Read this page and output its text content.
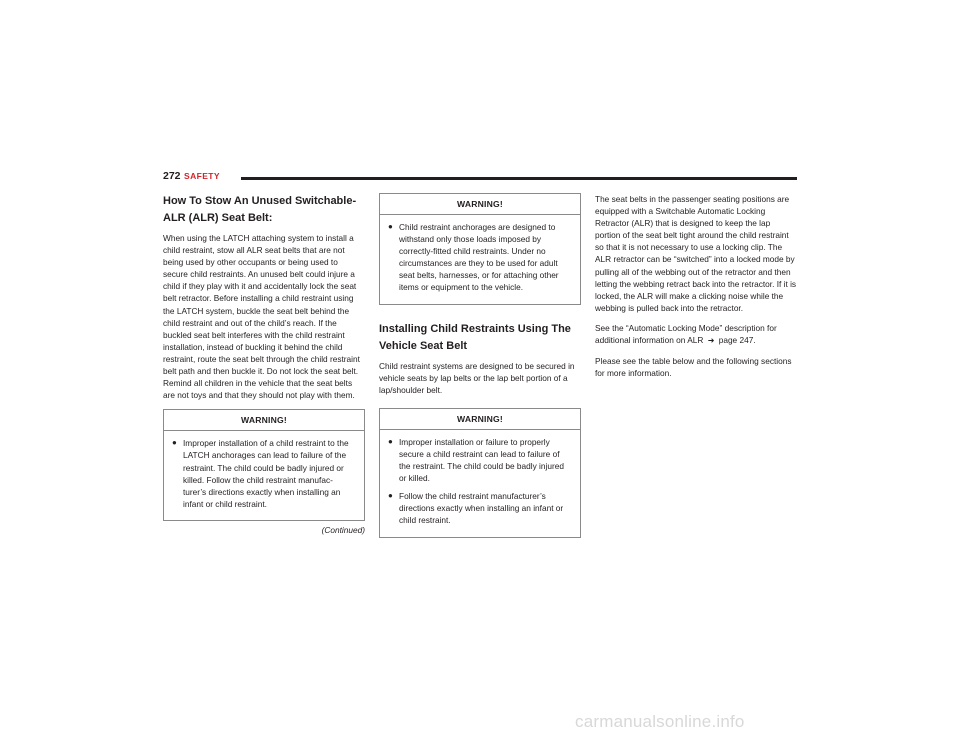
272 SAFETY
How To Stow An Unused Switchable-ALR (ALR) Seat Belt:

When using the LATCH attaching system to install a child restraint, stow all ALR seat belts that are not being used by other occupants or being used to secure child restraints. An unused belt could injure a child if they play with it and accidentally lock the seat belt retractor. Before installing a child restraint using the LATCH system, buckle the seat belt behind the child restraint and out of the child’s reach. If the buckled seat belt interferes with the child restraint installation, instead of buckling it behind the child restraint, route the seat belt through the child restraint belt path and then buckle it. Do not lock the seat belt. Remind all children in the vehicle that the seat belts are not toys and that they should not play with them.

WARNING!
● Improper installation of a child restraint to the LATCH anchorages can lead to failure of the restraint. The child could be badly injured or killed. Follow the child restraint manufac-turer’s directions exactly when installing an infant or child restraint.
(Continued)
WARNING!
● Child restraint anchorages are designed to withstand only those loads imposed by correctly-fitted child restraints. Under no circumstances are they to be used for adult seat belts, harnesses, or for attaching other items or equipment to the vehicle.
Installing Child Restraints Using The Vehicle Seat Belt

Child restraint systems are designed to be secured in vehicle seats by lap belts or the lap belt portion of a lap/shoulder belt.

WARNING!
● Improper installation or failure to properly secure a child restraint can lead to failure of the restraint. The child could be badly injured or killed.
● Follow the child restraint manufacturer’s directions exactly when installing an infant or child restraint.

The seat belts in the passenger seating positions are equipped with a Switchable Automatic Locking Retractor (ALR) that is designed to keep the lap portion of the seat belt tight around the child restraint so that it is not necessary to use a locking clip. The ALR retractor can be “switched” into a locked mode by pulling all of the webbing out of the retractor and then letting the webbing retract back into the retractor. If it is locked, the ALR will make a clicking noise while the webbing is pulled back into the retractor.

See the “Automatic Locking Mode” description for additional information on ALR ➜ page 247.

Please see the table below and the following sections for more information.

carmanualsonline.info
